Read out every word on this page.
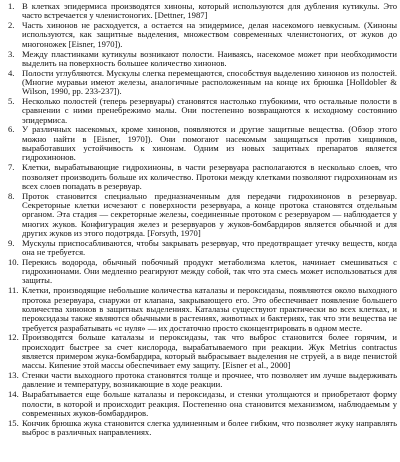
1. В клетках эпидермиса производятся хиноны, который используются для дубления кутикулы. Это часто встречается у членистоногих. [Dettner, 1987]
2. Часть хинонов не расходуется, а остается на эпидермисе, делая насекомого невкусным. (Хиноны используются, как защитные выделения, множеством современных членистоногих, от жуков до многоножек [Eisner, 1970]).
3. Между пластинками кутикулы возникают полости. Наиваясь, насекомое может при необходимости выделить на поверхность большее количество хинонов.
4. Полости углубляются. Мускулы слегка перемещаются, способствуя выделению хинонов из полостей. (Многие муравьи имеют железы, аналогичные расположенным на конце их брюшка [Holldobler & Wilson, 1990, pp. 233-237]).
5. Несколько полостей (теперь резервуары) становятся настолько глубокими, что остальные полости в сравнении с ними пренебрежимо малы. Они постепенно возвращаются к исходному состоянию эпидермиса.
6. У различных насекомых, кроме хинонов, появляются и другие защитные вещества. (Обзор этого можно найти в [Eisner, 1970]). Они помогают насекомым защищаться против хищников, выработавших устойчивость к хинонам. Одним из новых защитных препаратов является гидрохинонов.
7. Клетки, вырабатывающие гидрохиноны, в части резервуара располагаются в несколько слоев, что позволяет производить больше их количество. Протоки между клетками позволяют гидрохинонам из всех слоев попадать в резервуар.
8. Проток становится специально предназначенным для передачи гидрохинонов в резервуар. Секреторные клетки исчезают с поверхности резервуара, а конце протока становятся отдельным органом. Эта стадия — секреторные железы, соединенные протоком с резервуаром — наблюдается у многих жуков. Конфигурация желез и резервуаров у жуков-бомбардиров является обычной и для других жуков из этого подотряда. [Forsyth, 1970]
9. Мускулы приспосабливаются, чтобы закрывать резервуар, что предотвращает утечку веществ, когда она не требуется.
10. Перекись водорода, обычный побочный продукт метаболизма клеток, начинает смешиваться с гидрохинонами. Они медленно реагируют между собой, так что эта смесь может использоваться для защиты.
11. Клетки, производящие небольшие количества каталазы и пероксидазы, появляются около выходного протока резервуара, снаружи от клапана, закрывающего его. Это обеспечивает появление большего количества хинонов в защитных выделениях. Каталазы существуют практически во всех клетках, и пероксидазы также являются обычными в растениях, животных и бактериях, так что эти вещества не требуется разрабатывать «с нуля» — их достаточно просто сконцентрировать в одном месте.
12. Производятся больше каталазы и пероксидазы, так что выброс становится более горячим, и происходит быстрее за счет кислорода, вырабатываемого при реакции. Жук Metrius contractus является примером жука-бомбардира, который выбрасывает выделения не струей, а в виде пенистой массы. Кипение этой массы обеспечивает ему защиту. [Eisner et al., 2000]
13. Стенки части выходного протока становятся толще и прочнее, что позволяет им лучше выдерживать давление и температуру, возникающие в ходе реакции.
14. Вырабатывается еще больше каталазы и пероксидазы, и стенки утолщаются и приобретают форму полости, в которой и происходит реакция. Постепенно она становится механизмом, наблюдаемым у современных жуков-бомбардиров.
15. Кончик брюшка жука становится слегка удлиненным и более гибким, что позволяет жуку направлять выброс в различных направлениях.
